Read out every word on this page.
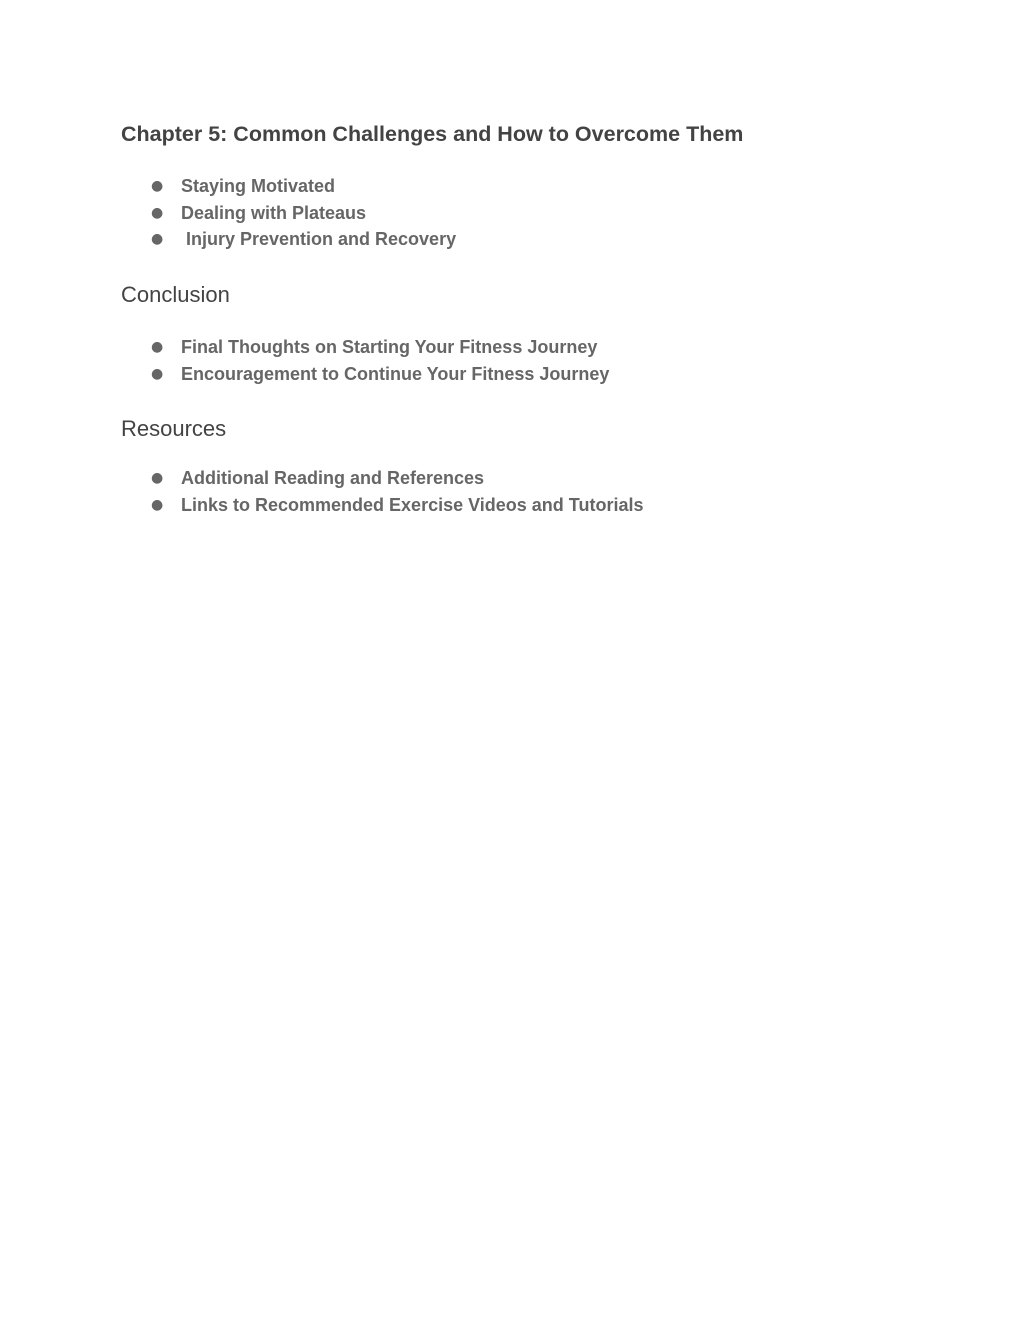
Chapter 5: Common Challenges and How to Overcome Them
● Staying Motivated
● Dealing with Plateaus
● Injury Prevention and Recovery
Conclusion
● Final Thoughts on Starting Your Fitness Journey
● Encouragement to Continue Your Fitness Journey
Resources
● Additional Reading and References
● Links to Recommended Exercise Videos and Tutorials
